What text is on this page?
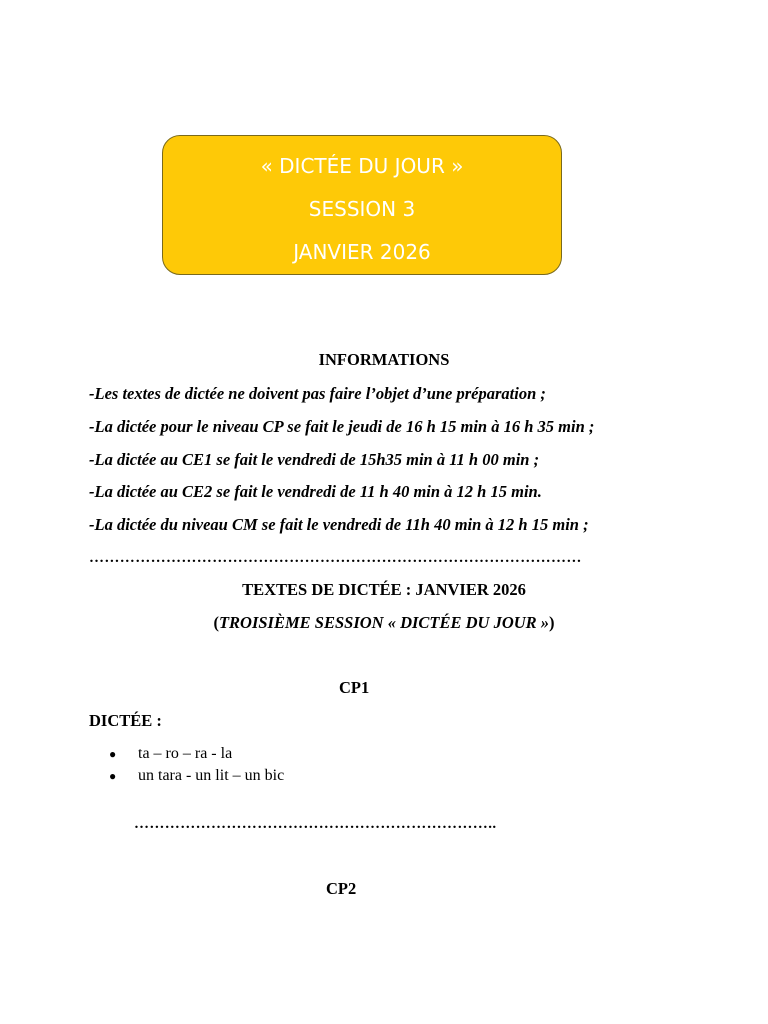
« DICTÉE DU JOUR »
SESSION 3
JANVIER 2026
INFORMATIONS
-Les textes de dictée ne doivent pas faire l’objet d’une préparation ;
-La dictée pour le niveau CP se fait le jeudi de 16 h 15 min à 16 h 35 min ;
-La dictée au CE1 se fait le vendredi de 15h35 min à 11 h 00 min ;
-La dictée au CE2 se fait le vendredi de 11 h 40 min à 12 h 15 min.
-La dictée du niveau CM se fait le vendredi de 11h 40 min à 12 h 15 min ;
……………………………………………………………………………………
TEXTES DE DICTÉE : JANVIER 2026
(TROISIÈME SESSION « DICTÉE DU JOUR »)
CP1
DICTÉE :
● ta – ro – ra - la
● un tara - un lit – un bic
……………………………………………………………..
CP2
